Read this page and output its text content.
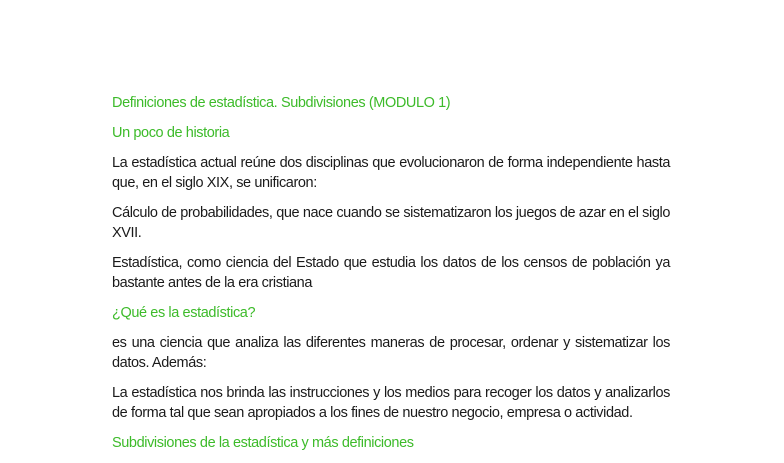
Definiciones de estadística. Subdivisiones (MODULO 1)

Un poco de historia

La estadística actual reúne dos disciplinas que evolucionaron de forma independiente hasta que, en el siglo XIX, se unificaron:

Cálculo de probabilidades, que nace cuando se sistematizaron los juegos de azar en el siglo XVII.

Estadística, como ciencia del Estado que estudia los datos de los censos de población ya bastante antes de la era cristiana

¿Qué es la estadística?

es una ciencia que analiza las diferentes maneras de procesar, ordenar y sistematizar los datos. Además:

La estadística nos brinda las instrucciones y los medios para recoger los datos y analizarlos de forma tal que sean apropiados a los fines de nuestro negocio, empresa o actividad.

Subdivisiones de la estadística y más definiciones
